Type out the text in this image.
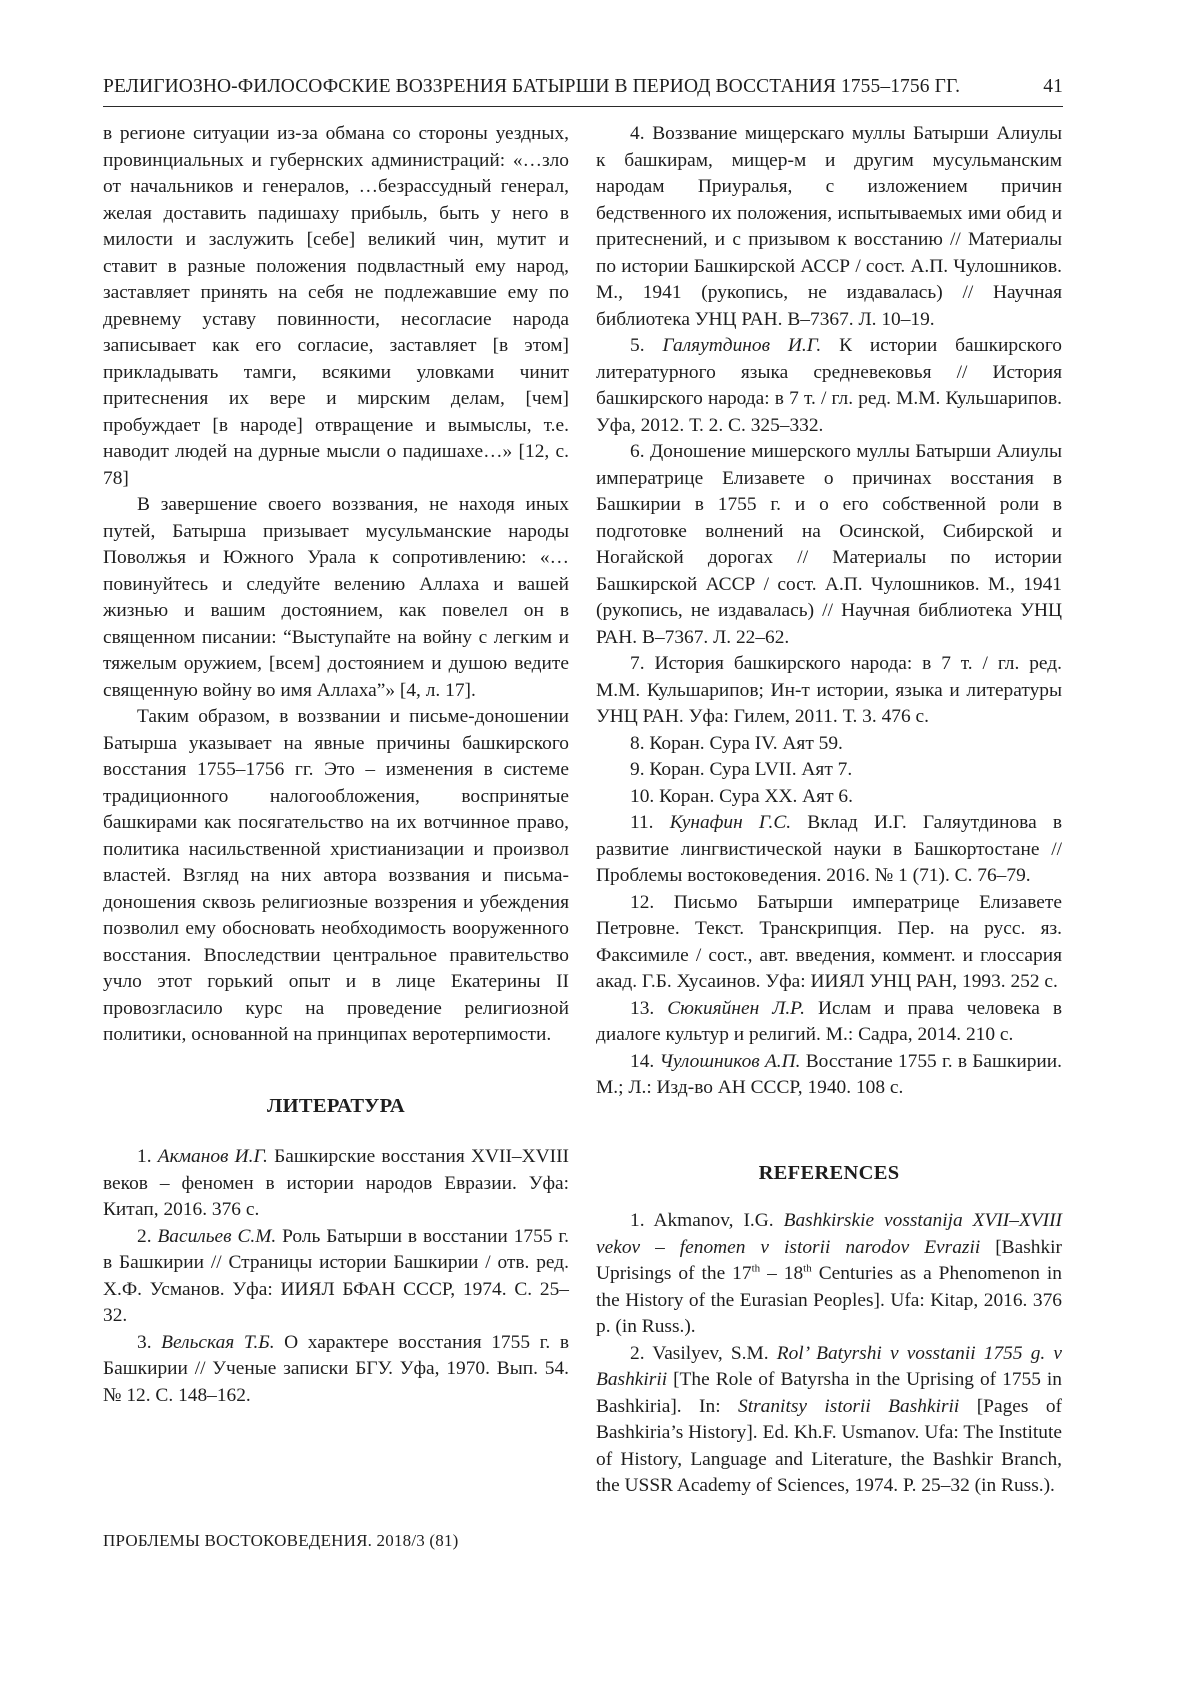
РЕЛИГИОЗНО-ФИЛОСОФСКИЕ ВОЗЗРЕНИЯ БАТЫРШИ В ПЕРИОД ВОССТАНИЯ 1755–1756 ГГ.	41

в регионе ситуации из-за обмана со стороны уездных, провинциальных и губернских администраций: «…зло от начальников и генералов, …безрассудный генерал, желая доставить падишаху прибыль, быть у него в милости и заслужить [себе] великий чин, мутит и ставит в разные положения подвластный ему народ, заставляет принять на себя не подлежавшие ему по древнему уставу повинности, несогласие народа записывает как его согласие, заставляет [в этом] прикладывать тамги, всякими уловками чинит притеснения их вере и мирским делам, [чем] пробуждает [в народе] отвращение и вымыслы, т.е. наводит людей на дурные мысли о падишахе…» [12, с. 78]

В завершение своего воззвания, не находя иных путей, Батырша призывает мусульманские народы Поволжья и Южного Урала к сопротивлению: «…повинуйтесь и следуйте велению Аллаха и вашей жизнью и вашим достоянием, как повелел он в священном писании: “Выступайте на войну с легким и тяжелым оружием, [всем] достоянием и душою ведите священную войну во имя Аллаха”» [4, л. 17].

Таким образом, в воззвании и письме-доношении Батырша указывает на явные причины башкирского восстания 1755–1756 гг. Это – изменения в системе традиционного налогообложения, воспринятые башкирами как посягательство на их вотчинное право, политика насильственной христианизации и произвол властей. Взгляд на них автора воззвания и письма-доношения сквозь религиозные воззрения и убеждения позволил ему обосновать необходимость вооруженного восстания. Впоследствии центральное правительство учло этот горький опыт и в лице Екатерины II провозгласило курс на проведение религиозной политики, основанной на принципах веротерпимости.

ЛИТЕРАТУРА

1. Акманов И.Г. Башкирские восстания XVII–XVIII веков – феномен в истории народов Евразии. Уфа: Китап, 2016. 376 с.

2. Васильев С.М. Роль Батырши в восстании 1755 г. в Башкирии // Страницы истории Башкирии / отв. ред. Х.Ф. Усманов. Уфа: ИИЯЛ БФАН СССР, 1974. С. 25–32.

3. Вельская Т.Б. О характере восстания 1755 г. в Башкирии // Ученые записки БГУ. Уфа, 1970. Вып. 54. № 12. С. 148–162.

4. Воззвание мищерскаго муллы Батырши Алиулы к башкирам, мищер-м и другим мусульманским народам Приуралья, с изложением причин бедственного их положения, испытываемых ими обид и притеснений, и с призывом к восстанию // Материалы по истории Башкирской АССР / сост. А.П. Чулошников. М., 1941 (рукопись, не издавалась) // Научная библиотека УНЦ РАН. В–7367. Л. 10–19.

5. Галяутдинов И.Г. К истории башкирского литературного языка средневековья // История башкирского народа: в 7 т. / гл. ред. М.М. Кульшарипов. Уфа, 2012. Т. 2. С. 325–332.

6. Доношение мишерского муллы Батырши Алиулы императрице Елизавете о причинах восстания в Башкирии в 1755 г. и о его собственной роли в подготовке волнений на Осинской, Сибирской и Ногайской дорогах // Материалы по истории Башкирской АССР / сост. А.П. Чулошников. М., 1941 (рукопись, не издавалась) // Научная библиотека УНЦ РАН. В–7367. Л. 22–62.

7. История башкирского народа: в 7 т. / гл. ред. М.М. Кульшарипов; Ин-т истории, языка и литературы УНЦ РАН. Уфа: Гилем, 2011. Т. 3. 476 с.

8. Коран. Сура IV. Аят 59.

9. Коран. Сура LVII. Аят 7.

10. Коран. Сура ХХ. Аят 6.

11. Кунафин Г.С. Вклад И.Г. Галяутдинова в развитие лингвистической науки в Башкортостане // Проблемы востоковедения. 2016. № 1 (71). С. 76–79.

12. Письмо Батырши императрице Елизавете Петровне. Текст. Транскрипция. Пер. на русс. яз. Факсимиле / сост., авт. введения, коммент. и глоссария акад. Г.Б. Хусаинов. Уфа: ИИЯЛ УНЦ РАН, 1993. 252 с.

13. Сюкияйнен Л.Р. Ислам и права человека в диалоге культур и религий. М.: Садра, 2014. 210 с.

14. Чулошников А.П. Восстание 1755 г. в Башкирии. М.; Л.: Изд-во АН СССР, 1940. 108 с.

REFERENCES

1. Akmanov, I.G. Bashkirskie vosstanija XVII–XVIII vekov – fenomen v istorii narodov Evrazii [Bashkir Uprisings of the 17th – 18th Centuries as a Phenomenon in the History of the Eurasian Peoples]. Ufa: Kitap, 2016. 376 p. (in Russ.).

2. Vasilyev, S.M. Rol’ Batyrshi v vosstanii 1755 g. v Bashkirii [The Role of Batyrsha in the Uprising of 1755 in Bashkiria]. In: Stranitsy istorii Bashkirii [Pages of Bashkiria’s History]. Ed. Kh.F. Usmanov. Ufa: The Institute of History, Language and Literature, the Bashkir Branch, the USSR Academy of Sciences, 1974. P. 25–32 (in Russ.).

ПРОБЛЕМЫ ВОСТОКОВЕДЕНИЯ. 2018/3 (81)
